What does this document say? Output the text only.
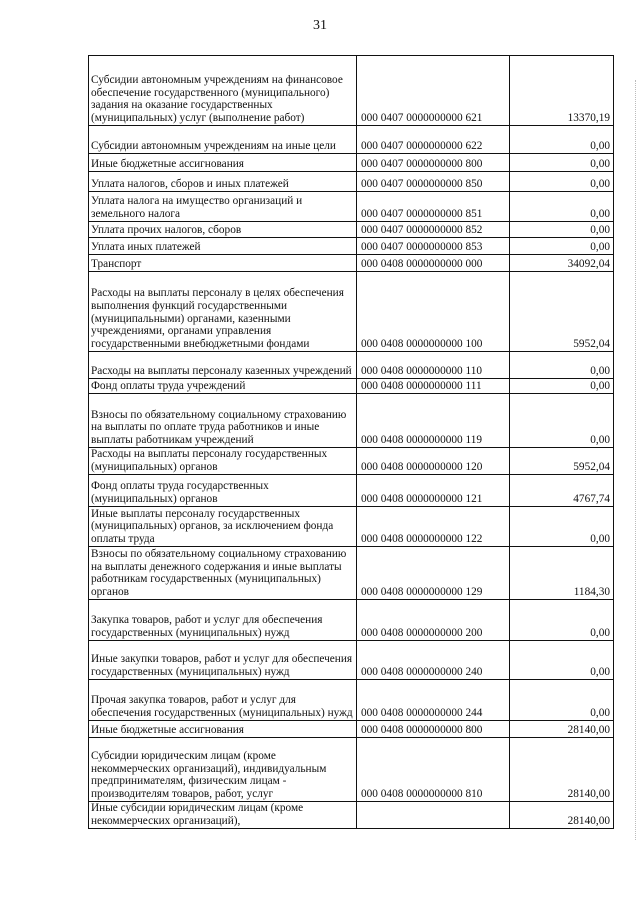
31
Субсидии автономным учреждениям на финансовое обеспечение государственного (муниципального) задания на оказание государственных (муниципальных) услуг (выполнение работ)	000 0407 0000000000 621	13370,19
Субсидии автономным учреждениям на иные цели	000 0407 0000000000 622	0,00
Иные бюджетные ассигнования	000 0407 0000000000 800	0,00
Уплата налогов, сборов и иных платежей	000 0407 0000000000 850	0,00
Уплата налога на имущество организаций и земельного налога	000 0407 0000000000 851	0,00
Уплата прочих налогов, сборов	000 0407 0000000000 852	0,00
Уплата иных платежей	000 0407 0000000000 853	0,00
Транспорт	000 0408 0000000000 000	34092,04
Расходы на выплаты персоналу в целях обеспечения выполнения функций государственными (муниципальными) органами, казенными учреждениями, органами управления государственными внебюджетными фондами	000 0408 0000000000 100	5952,04
Расходы на выплаты персоналу казенных учреждений	000 0408 0000000000 110	0,00
Фонд оплаты труда учреждений	000 0408 0000000000 111	0,00
Взносы по обязательному социальному страхованию на выплаты по оплате труда работников и иные выплаты работникам учреждений	000 0408 0000000000 119	0,00
Расходы на выплаты персоналу государственных (муниципальных) органов	000 0408 0000000000 120	5952,04
Фонд оплаты труда государственных (муниципальных) органов	000 0408 0000000000 121	4767,74
Иные выплаты персоналу государственных (муниципальных) органов, за исключением фонда оплаты труда	000 0408 0000000000 122	0,00
Взносы по обязательному социальному страхованию на выплаты денежного содержания и иные выплаты работникам государственных (муниципальных) органов	000 0408 0000000000 129	1184,30
Закупка товаров, работ и услуг для обеспечения государственных (муниципальных) нужд	000 0408 0000000000 200	0,00
Иные закупки товаров, работ и услуг для обеспечения государственных (муниципальных) нужд	000 0408 0000000000 240	0,00
Прочая закупка товаров, работ и услуг для обеспечения государственных (муниципальных) нужд	000 0408 0000000000 244	0,00
Иные бюджетные ассигнования	000 0408 0000000000 800	28140,00
Субсидии юридическим лицам (кроме некоммерческих организаций), индивидуальным предпринимателям, физическим лицам - производителям товаров, работ, услуг	000 0408 0000000000 810	28140,00
Иные субсидии юридическим лицам (кроме некоммерческих организаций),		28140,00
